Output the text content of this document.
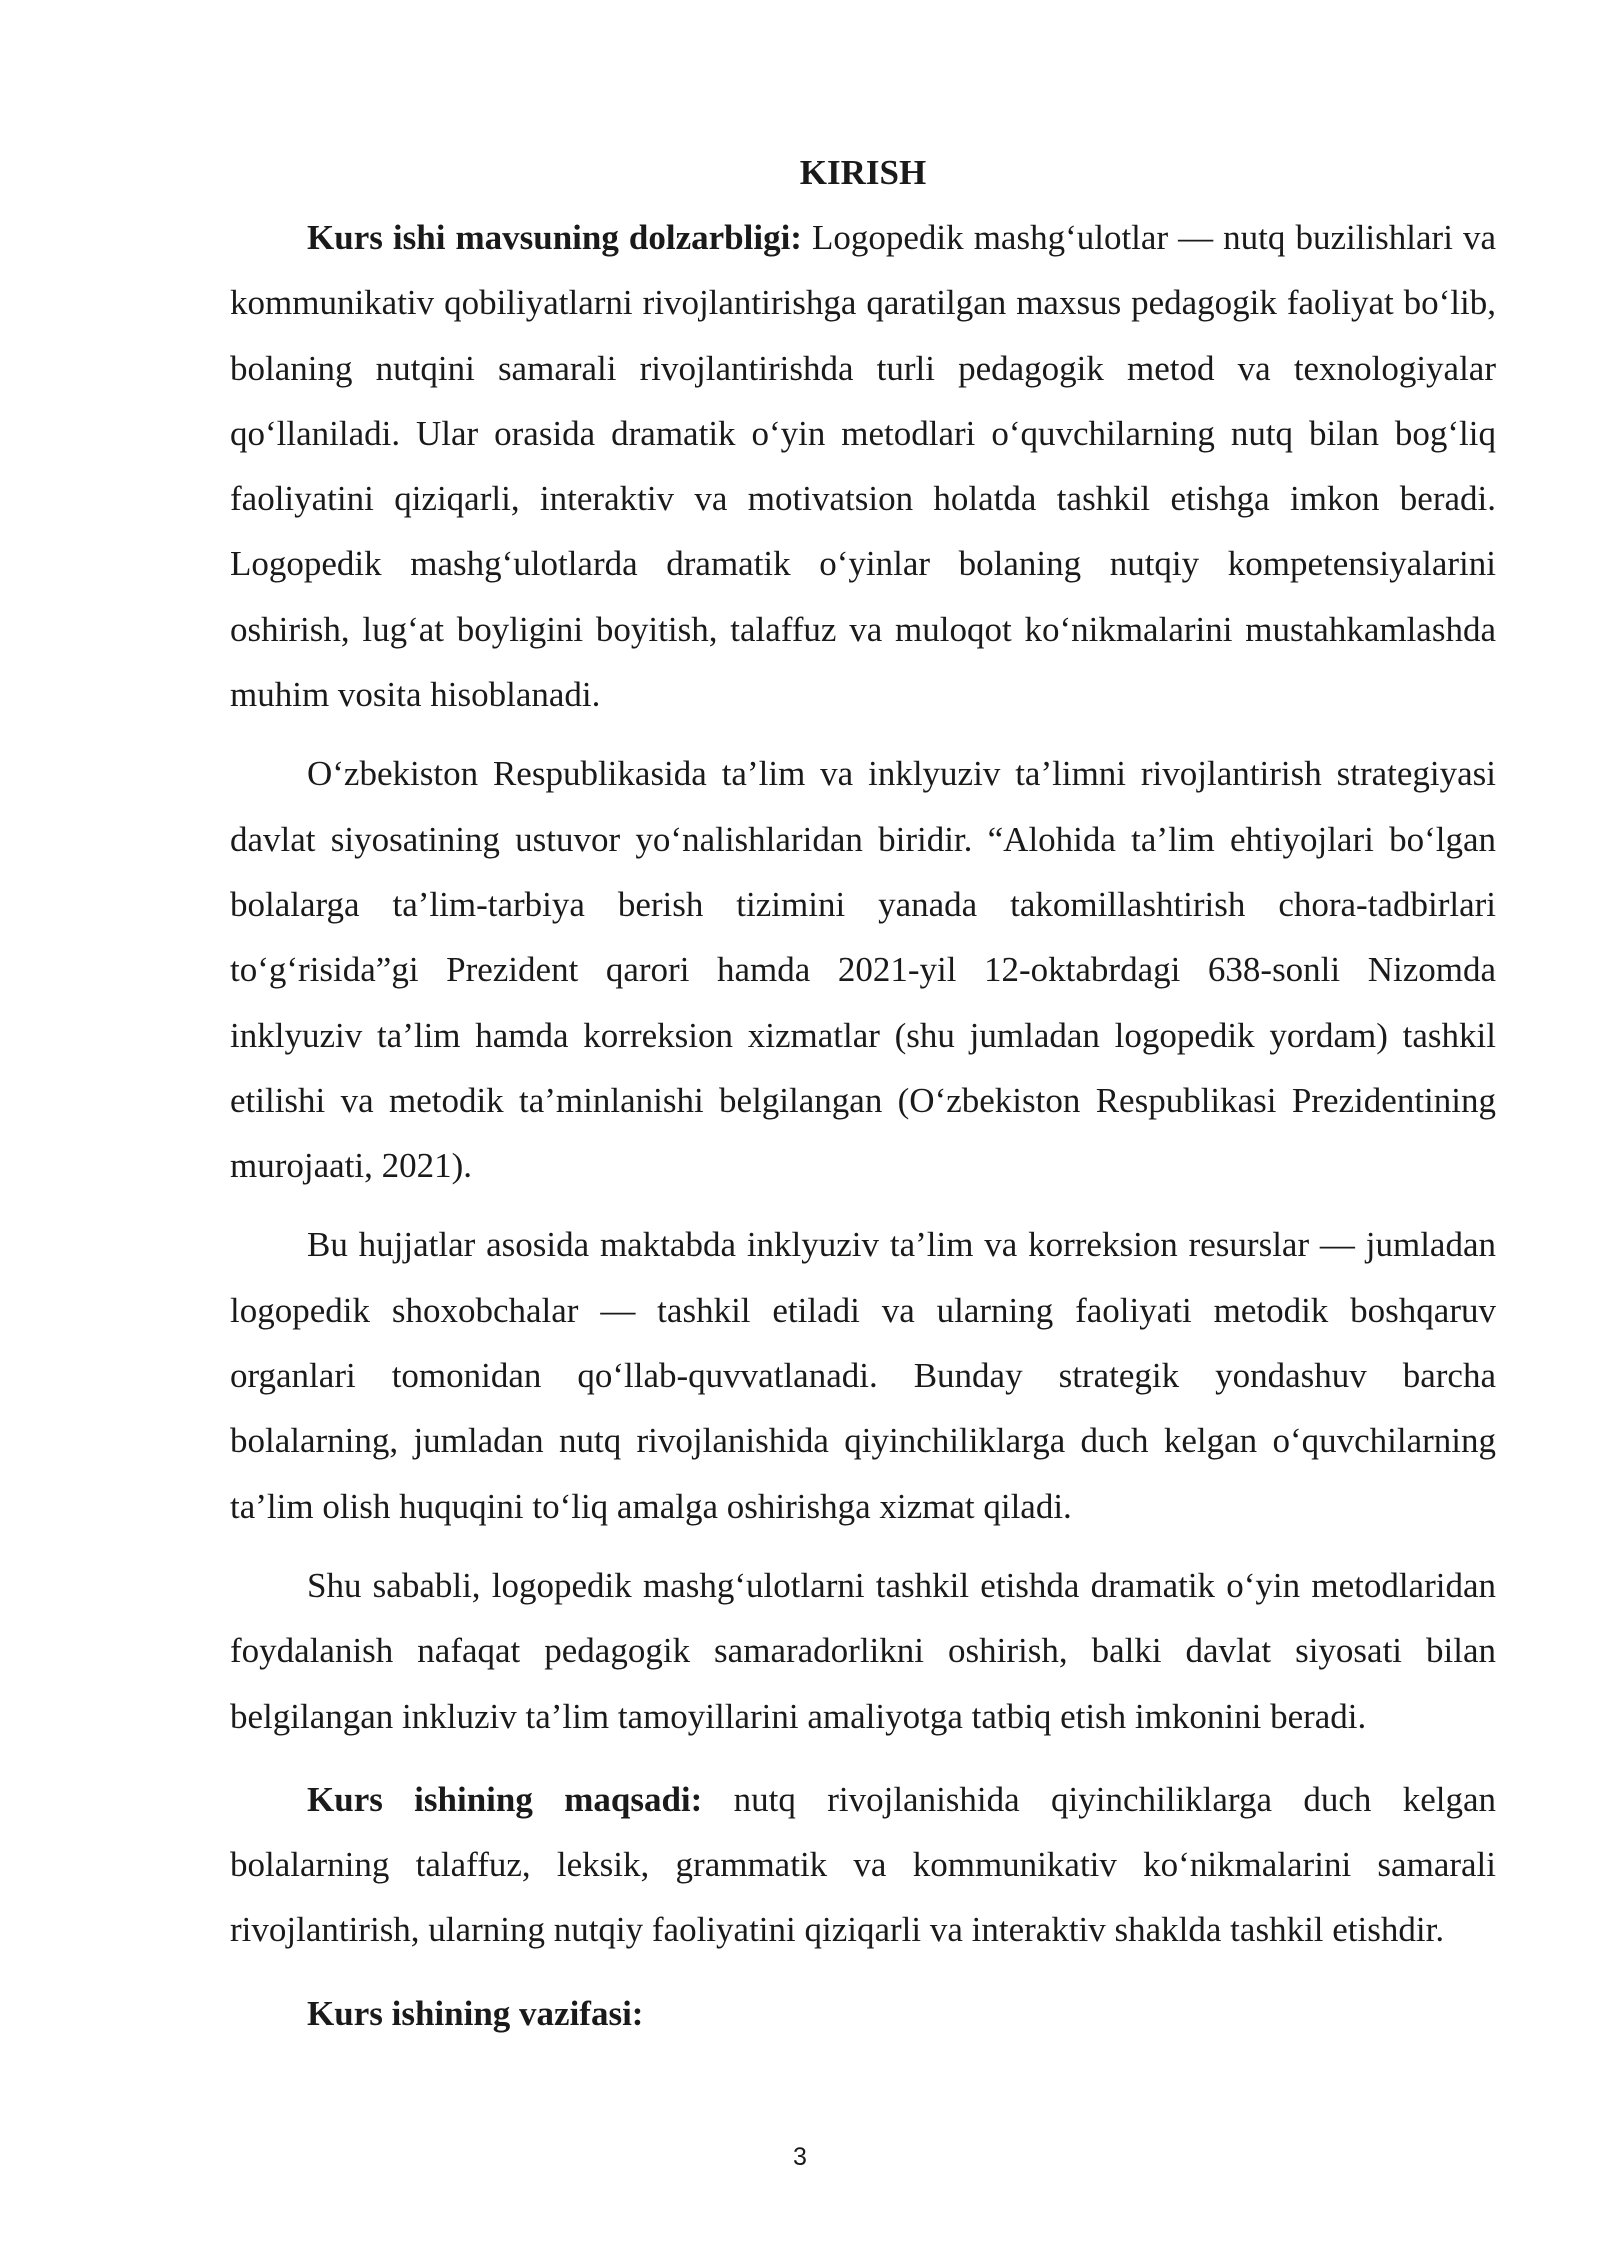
KIRISH

Kurs ishi mavsuning dolzarbligi: Logopedik mashg‘ulotlar — nutq buzilishlari va kommunikativ qobiliyatlarni rivojlantirishga qaratilgan maxsus pedagogik faoliyat bo‘lib, bolaning nutqini samarali rivojlantirishda turli pedagogik metod va texnologiyalar qo‘llaniladi. Ular orasida dramatik o‘yin metodlari o‘quvchilarning nutq bilan bog‘liq faoliyatini qiziqarli, interaktiv va motivatsion holatda tashkil etishga imkon beradi. Logopedik mashg‘ulotlarda dramatik o‘yinlar bolaning nutqiy kompetensiyalarini oshirish, lug‘at boyligini boyitish, talaffuz va muloqot ko‘nikmalarini mustahkamlashda muhim vosita hisoblanadi.

O‘zbekiston Respublikasida ta’lim va inklyuziv ta’limni rivojlantirish strategiyasi davlat siyosatining ustuvor yo‘nalishlaridan biridir. “Alohida ta’lim ehtiyojlari bo‘lgan bolalarga ta’lim-tarbiya berish tizimini yanada takomillashtirish chora-tadbirlari to‘g‘risida”gi Prezident qarori hamda 2021-yil 12-oktabrdagi 638-sonli Nizomda inklyuziv ta’lim hamda korreksion xizmatlar (shu jumladan logopedik yordam) tashkil etilishi va metodik ta’minlanishi belgilangan (O‘zbekiston Respublikasi Prezidentining murojaati, 2021).

Bu hujjatlar asosida maktabda inklyuziv ta’lim va korreksion resurslar — jumladan logopedik shoxobchalar — tashkil etiladi va ularning faoliyati metodik boshqaruv organlari tomonidan qo‘llab-quvvatlanadi. Bunday strategik yondashuv barcha bolalarning, jumladan nutq rivojlanishida qiyinchiliklarga duch kelgan o‘quvchilarning ta’lim olish huquqini to‘liq amalga oshirishga xizmat qiladi.

Shu sababli, logopedik mashg‘ulotlarni tashkil etishda dramatik o‘yin metodlaridan foydalanish nafaqat pedagogik samaradorlikni oshirish, balki davlat siyosati bilan belgilangan inkluziv ta’lim tamoyillarini amaliyotga tatbiq etish imkonini beradi.

Kurs ishining maqsadi: nutq rivojlanishida qiyinchiliklarga duch kelgan bolalarning talaffuz, leksik, grammatik va kommunikativ ko‘nikmalarini samarali rivojlantirish, ularning nutqiy faoliyatini qiziqarli va interaktiv shaklda tashkil etishdir.

Kurs ishining vazifasi:

3
